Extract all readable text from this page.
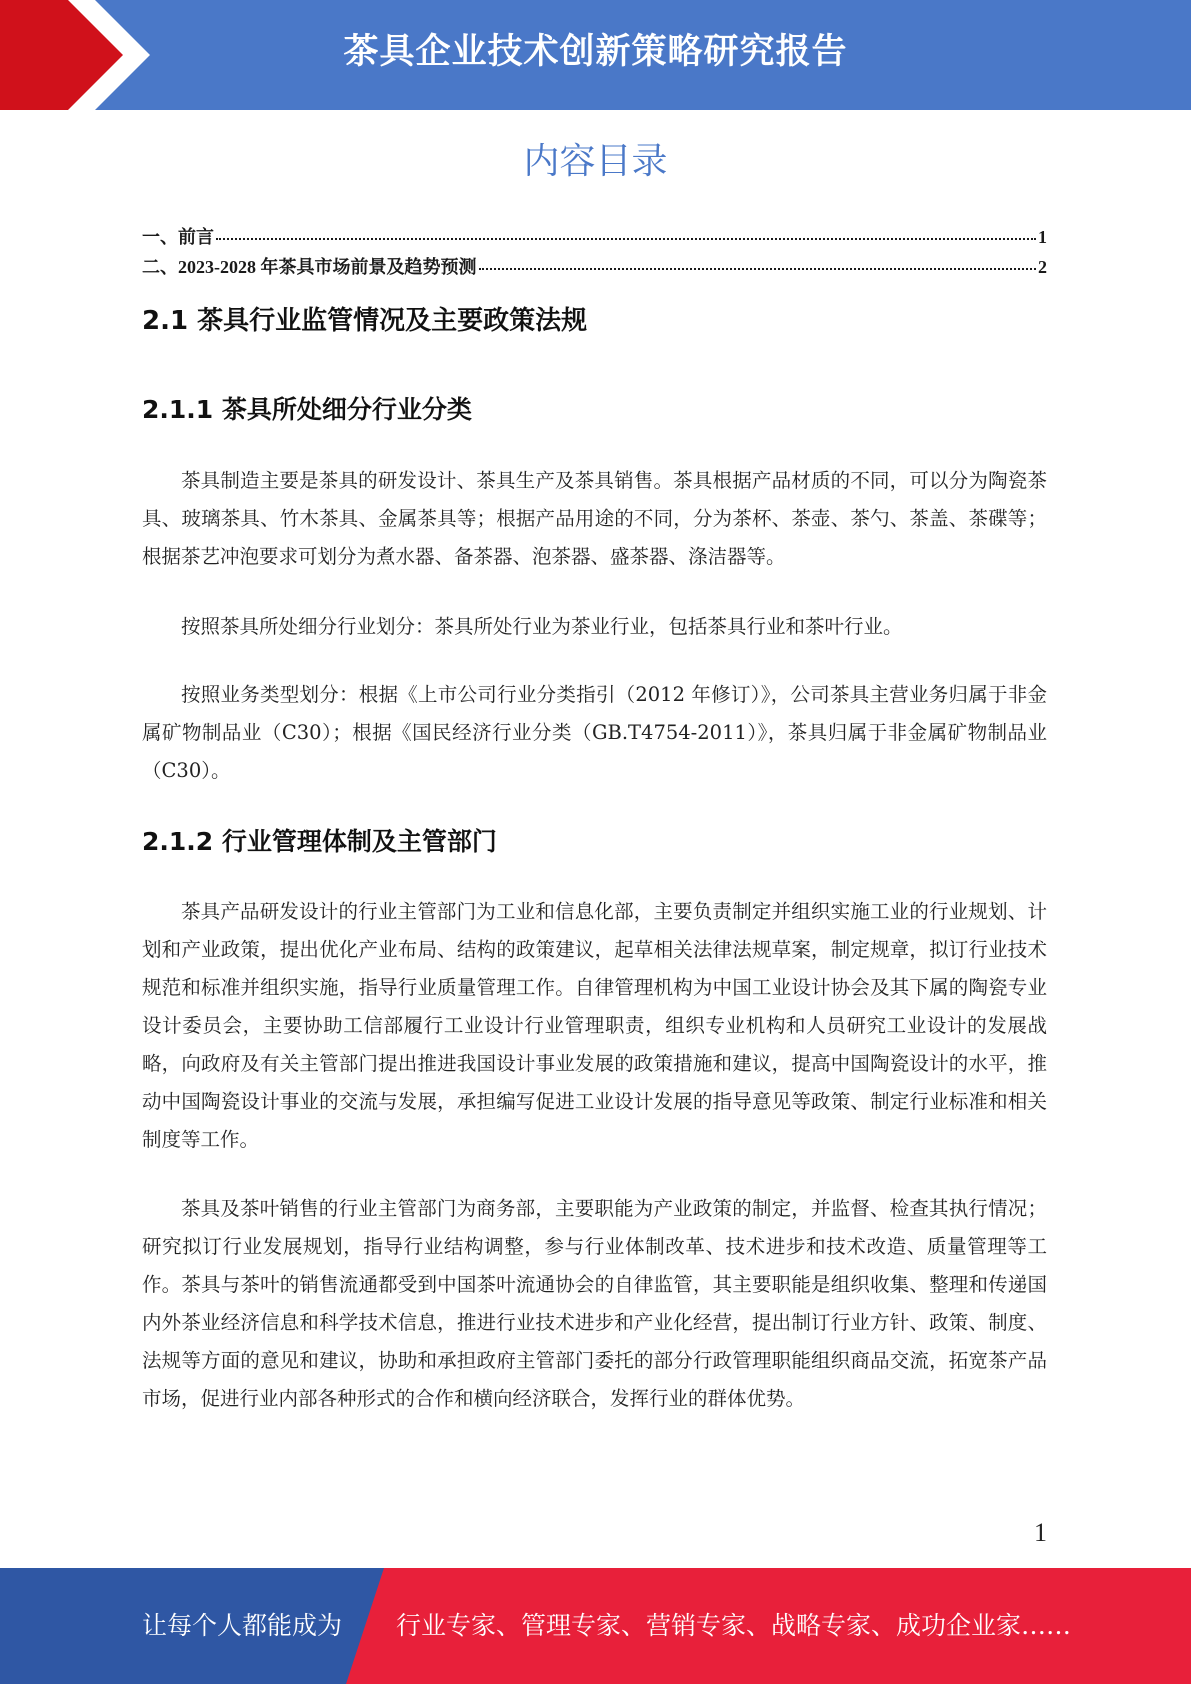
茶具企业技术创新策略研究报告
内容目录
一、前言	1
二、2023-2028 年茶具市场前景及趋势预测	2
2.1 茶具行业监管情况及主要政策法规
2.1.1 茶具所处细分行业分类

茶具制造主要是茶具的研发设计、茶具生产及茶具销售。茶具根据产品材质的不同，可以分为陶瓷茶具、玻璃茶具、竹木茶具、金属茶具等；根据产品用途的不同，分为茶杯、茶壶、茶勺、茶盖、茶碟等；根据茶艺冲泡要求可划分为煮水器、备茶器、泡茶器、盛茶器、涤洁器等。

按照茶具所处细分行业划分：茶具所处行业为茶业行业，包括茶具行业和茶叶行业。

按照业务类型划分：根据《上市公司行业分类指引（2012 年修订）》，公司茶具主营业务归属于非金属矿物制品业（C30）；根据《国民经济行业分类（GB.T4754-2011）》，茶具归属于非金属矿物制品业（C30）。

2.1.2 行业管理体制及主管部门

茶具产品研发设计的行业主管部门为工业和信息化部，主要负责制定并组织实施工业的行业规划、计划和产业政策，提出优化产业布局、结构的政策建议，起草相关法律法规草案，制定规章，拟订行业技术规范和标准并组织实施，指导行业质量管理工作。自律管理机构为中国工业设计协会及其下属的陶瓷专业设计委员会，主要协助工信部履行工业设计行业管理职责，组织专业机构和人员研究工业设计的发展战略，向政府及有关主管部门提出推进我国设计事业发展的政策措施和建议，提高中国陶瓷设计的水平，推动中国陶瓷设计事业的交流与发展，承担编写促进工业设计发展的指导意见等政策、制定行业标准和相关制度等工作。

茶具及茶叶销售的行业主管部门为商务部，主要职能为产业政策的制定，并监督、检查其执行情况；研究拟订行业发展规划，指导行业结构调整，参与行业体制改革、技术进步和技术改造、质量管理等工作。茶具与茶叶的销售流通都受到中国茶叶流通协会的自律监管，其主要职能是组织收集、整理和传递国内外茶业经济信息和科学技术信息，推进行业技术进步和产业化经营，提出制订行业方针、政策、制度、法规等方面的意见和建议，协助和承担政府主管部门委托的部分行政管理职能组织商品交流，拓宽茶产品市场，促进行业内部各种形式的合作和横向经济联合，发挥行业的群体优势。

1
让每个人都能成为 行业专家、管理专家、营销专家、战略专家、成功企业家……
